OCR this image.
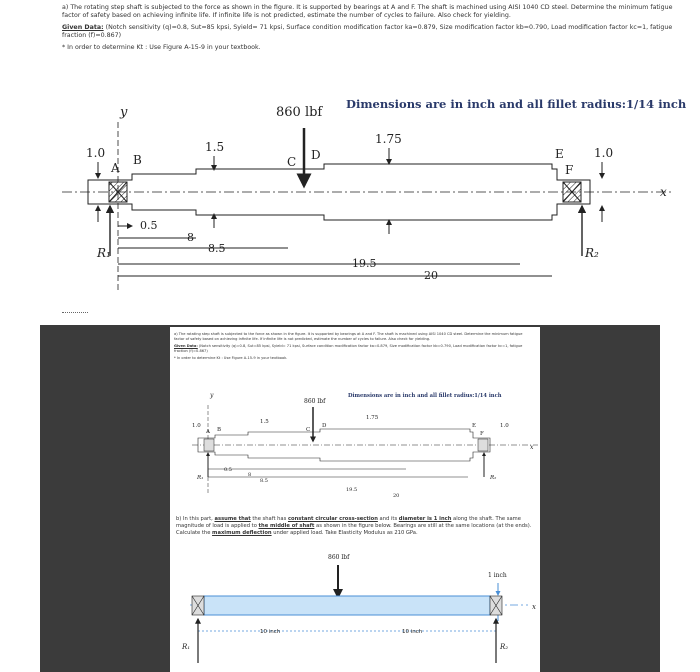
a) The rotating step shaft is subjected to the force as shown in the figure. It is supported by bearings at A and F. The shaft is machined using AISI 1040 CD steel. Determine the minimum fatigue factor of safety based on achieving infinite life. If infinite life is not predicted, estimate the number of cycles to failure. Also check for yielding.

Given Data: (Notch sensitivity (q)=0.8, Sut=85 kpsi, Syield= 71 kpsi, Surface condition modification factor ka=0.879, Size modification factor kb=0.790, Load modification factor kc=1, fatigue fraction (f)=0.867)

* In order to determine Kt : Use Figure A-15-9 in your textbook.

y	860 lbf
Dimensions are in inch and all fillet radius:1/14 inch
1.0	1.5
1.75
1.0
A
B	C D	E
F
x
R₁	R₂
0.5
8
8.5
19.5
20
a) The rotating step shaft is subjected to the force as shown in the figure. It is supported by bearings at A and F. The shaft is machined using AISI 1040 CD steel. Determine the minimum fatigue factor of safety based on achieving infinite life. If infinite life is not predicted, estimate the number of cycles to failure. Also check for yielding.
Given Data: (Notch sensitivity (q)=0.8, Sut=85 kpsi, Syield= 71 kpsi, Surface condition modification factor ka=0.879, Size modification factor kb=0.790, Load modification factor kc=1, fatigue fraction (f)=0.867)
* In order to determine Kt : Use Figure A-15-9 in your textbook.
y
860 lbf
Dimensions are in inch and all fillet radius:1/14 inch
1.0
1.5
1.75
1.0
A B	C
D	E
F
x
R₁	R₂
0.5
8
8.5
19.5
20
b) In this part, assume that the shaft has constant circular cross-section and its diameter is 1 inch along the shaft. The same magnitude of load is applied to the middle of shaft as shown in the figure below. Bearings are still at the same locations (at the ends). Calculate the maximum deflection under applied load. Take Elasticity Modulus as 210 GPa.
860 lbf
1 inch
x
10 inch	10 inch
R₁	R₂
